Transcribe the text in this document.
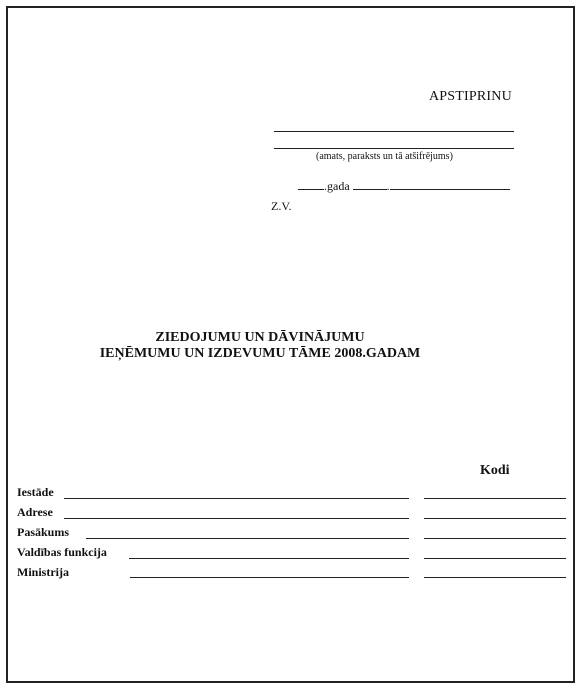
APSTIPRINU
(amats, paraksts un tā atšifrējums)
.gada	.
Z.V.
ZIEDOJUMU UN DĀVINĀJUMU
IEŅĒMUMU UN IZDEVUMU TĀME 2008.GADAM
Kodi
Iestāde
Adrese
Pasākums
Valdības funkcija
Ministrija
